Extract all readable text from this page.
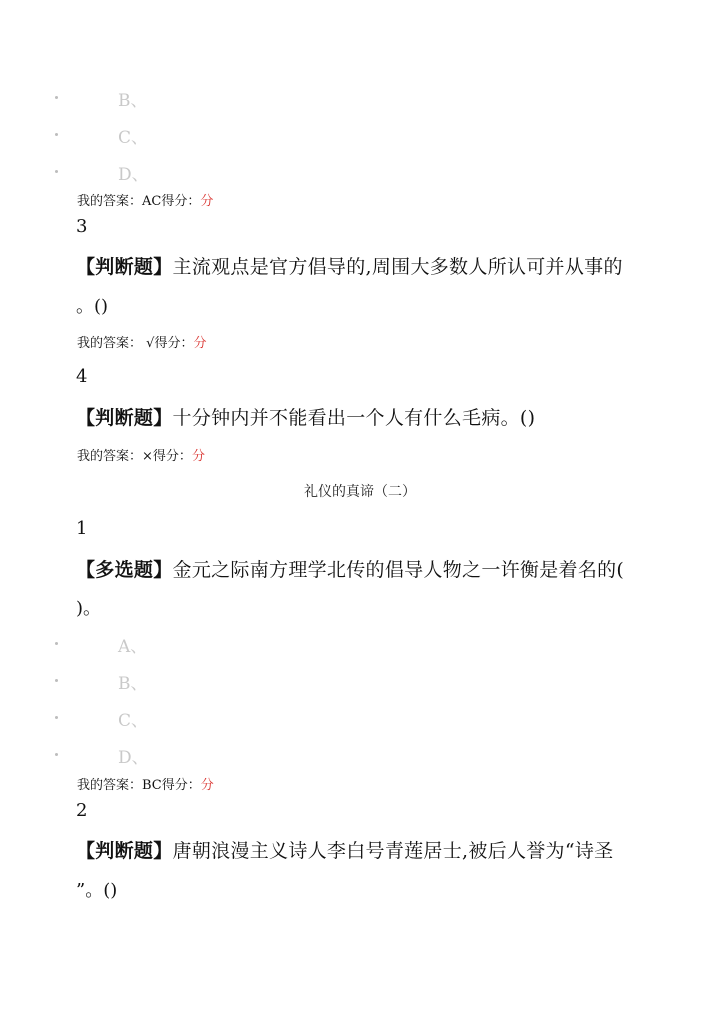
B、
C、
D、
我的答案：AC得分：分
3
【判断题】主流观点是官方倡导的,周围大多数人所认可并从事的
。()
我的答案： √得分：分
4
【判断题】十分钟内并不能看出一个人有什么毛病。()
我的答案：×得分：分
礼仪的真谛（二）
1
【多选题】金元之际南方理学北传的倡导人物之一许衡是着名的(
)。
A、
B、
C、
D、
我的答案：BC得分：分
2
【判断题】唐朝浪漫主义诗人李白号青莲居士,被后人誉为“诗圣
”。()
